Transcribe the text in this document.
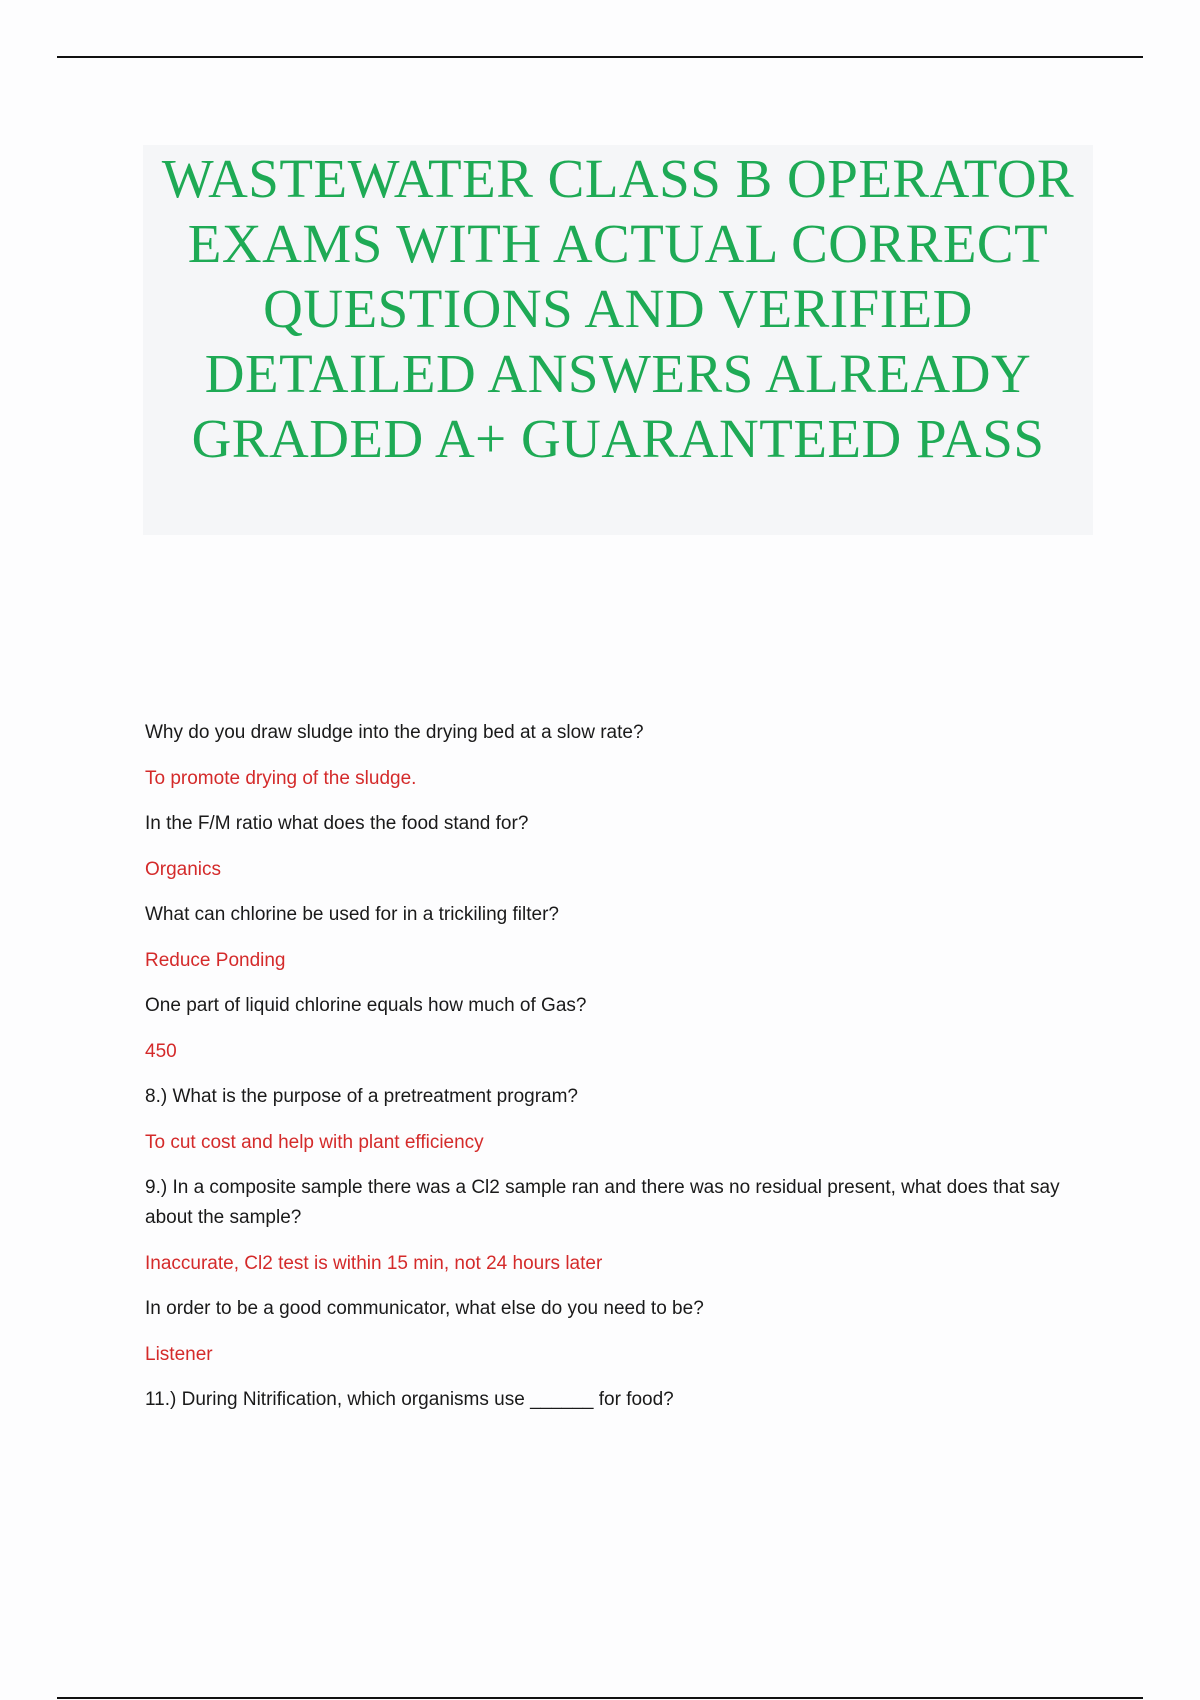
WASTEWATER CLASS B OPERATOR EXAMS WITH ACTUAL CORRECT QUESTIONS AND VERIFIED DETAILED ANSWERS ALREADY GRADED A+ GUARANTEED PASS
Why do you draw sludge into the drying bed at a slow rate?
To promote drying of the sludge.
In the F/M ratio what does the food stand for?
Organics
What can chlorine be used for in a trickiling filter?
Reduce Ponding
One part of liquid chlorine equals how much of Gas?
450
8.) What is the purpose of a pretreatment program?
To cut cost and help with plant efficiency
9.) In a composite sample there was a Cl2 sample ran and there was no residual present, what does that say about the sample?
Inaccurate, Cl2 test is within 15 min, not 24 hours later
In order to be a good communicator, what else do you need to be?
Listener
11.) During Nitrification, which organisms use ______ for food?
